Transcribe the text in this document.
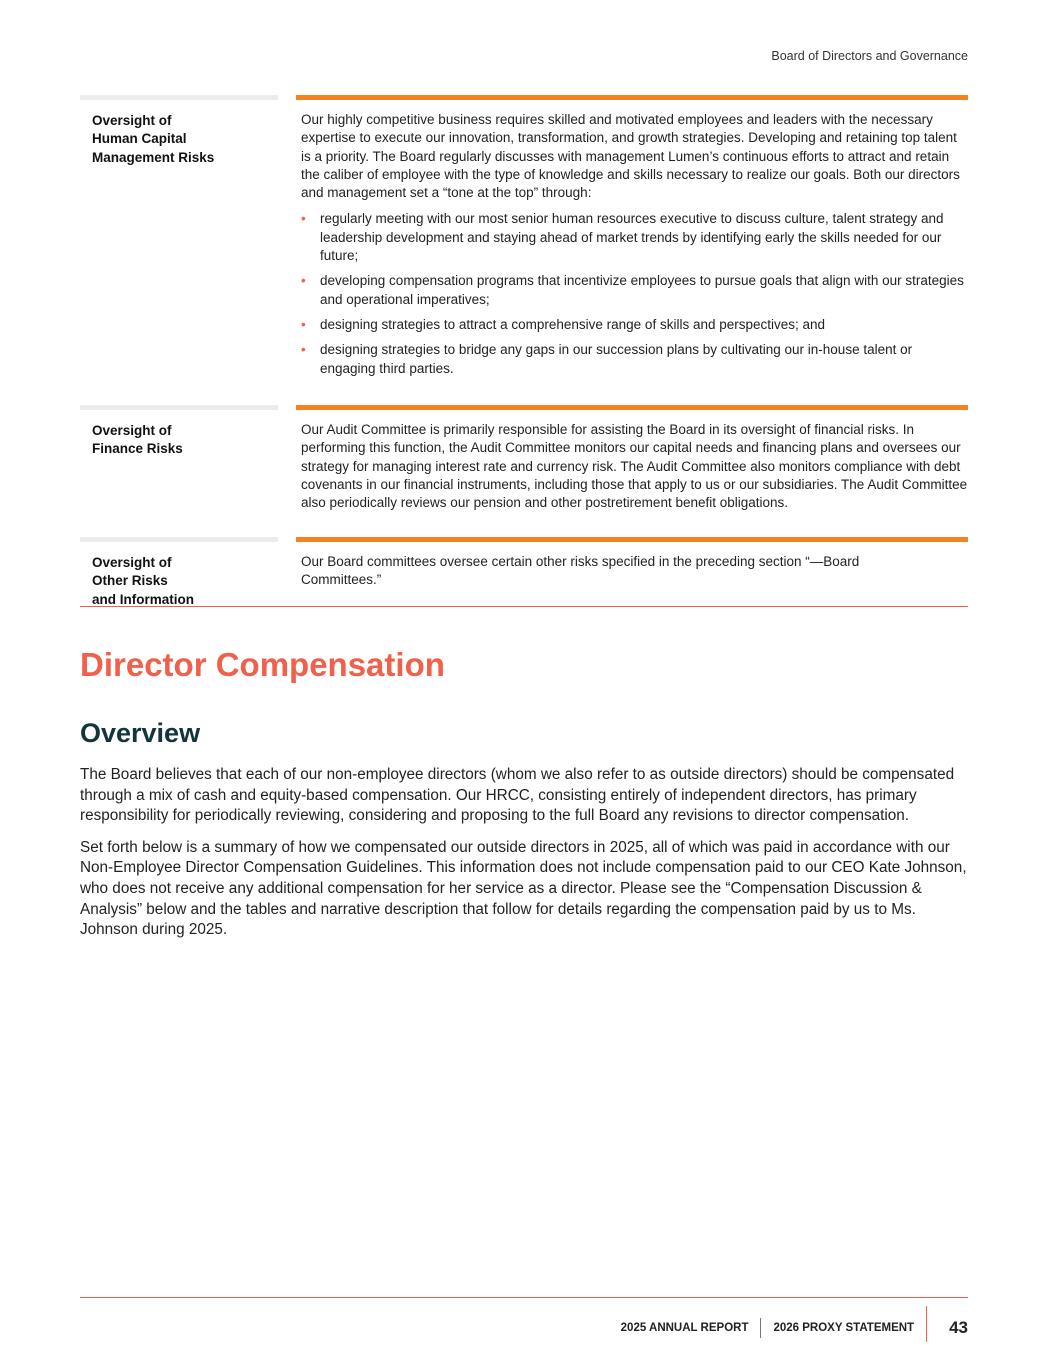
Board of Directors and Governance
Oversight of
Human Capital
Management Risks

Our highly competitive business requires skilled and motivated employees and leaders with the necessary expertise to execute our innovation, transformation, and growth strategies. Developing and retaining top talent is a priority. The Board regularly discusses with management Lumen’s continuous efforts to attract and retain the caliber of employee with the type of knowledge and skills necessary to realize our goals. Both our directors and management set a “tone at the top” through:

• regularly meeting with our most senior human resources executive to discuss culture, talent strategy and leadership development and staying ahead of market trends by identifying early the skills needed for our future;
• developing compensation programs that incentivize employees to pursue goals that align with our strategies and operational imperatives;
• designing strategies to attract a comprehensive range of skills and perspectives; and
• designing strategies to bridge any gaps in our succession plans by cultivating our in-house talent or engaging third parties.
Oversight of
Finance Risks

Our Audit Committee is primarily responsible for assisting the Board in its oversight of financial risks. In performing this function, the Audit Committee monitors our capital needs and financing plans and oversees our strategy for managing interest rate and currency risk. The Audit Committee also monitors compliance with debt covenants in our financial instruments, including those that apply to us or our subsidiaries. The Audit Committee also periodically reviews our pension and other postretirement benefit obligations.

Oversight of
Other Risks
and Information

Our Board committees oversee certain other risks specified in the preceding section “—Board Committees.”

Director Compensation
Overview

The Board believes that each of our non-employee directors (whom we also refer to as outside directors) should be compensated through a mix of cash and equity-based compensation. Our HRCC, consisting entirely of independent directors, has primary responsibility for periodically reviewing, considering and proposing to the full Board any revisions to director compensation.

Set forth below is a summary of how we compensated our outside directors in 2025, all of which was paid in accordance with our Non-Employee Director Compensation Guidelines. This information does not include compensation paid to our CEO Kate Johnson, who does not receive any additional compensation for her service as a director. Please see the “Compensation Discussion & Analysis” below and the tables and narrative description that follow for details regarding the compensation paid by us to Ms. Johnson during 2025.

2025 ANNUAL REPORT 2026 PROXY STATEMENT 43
